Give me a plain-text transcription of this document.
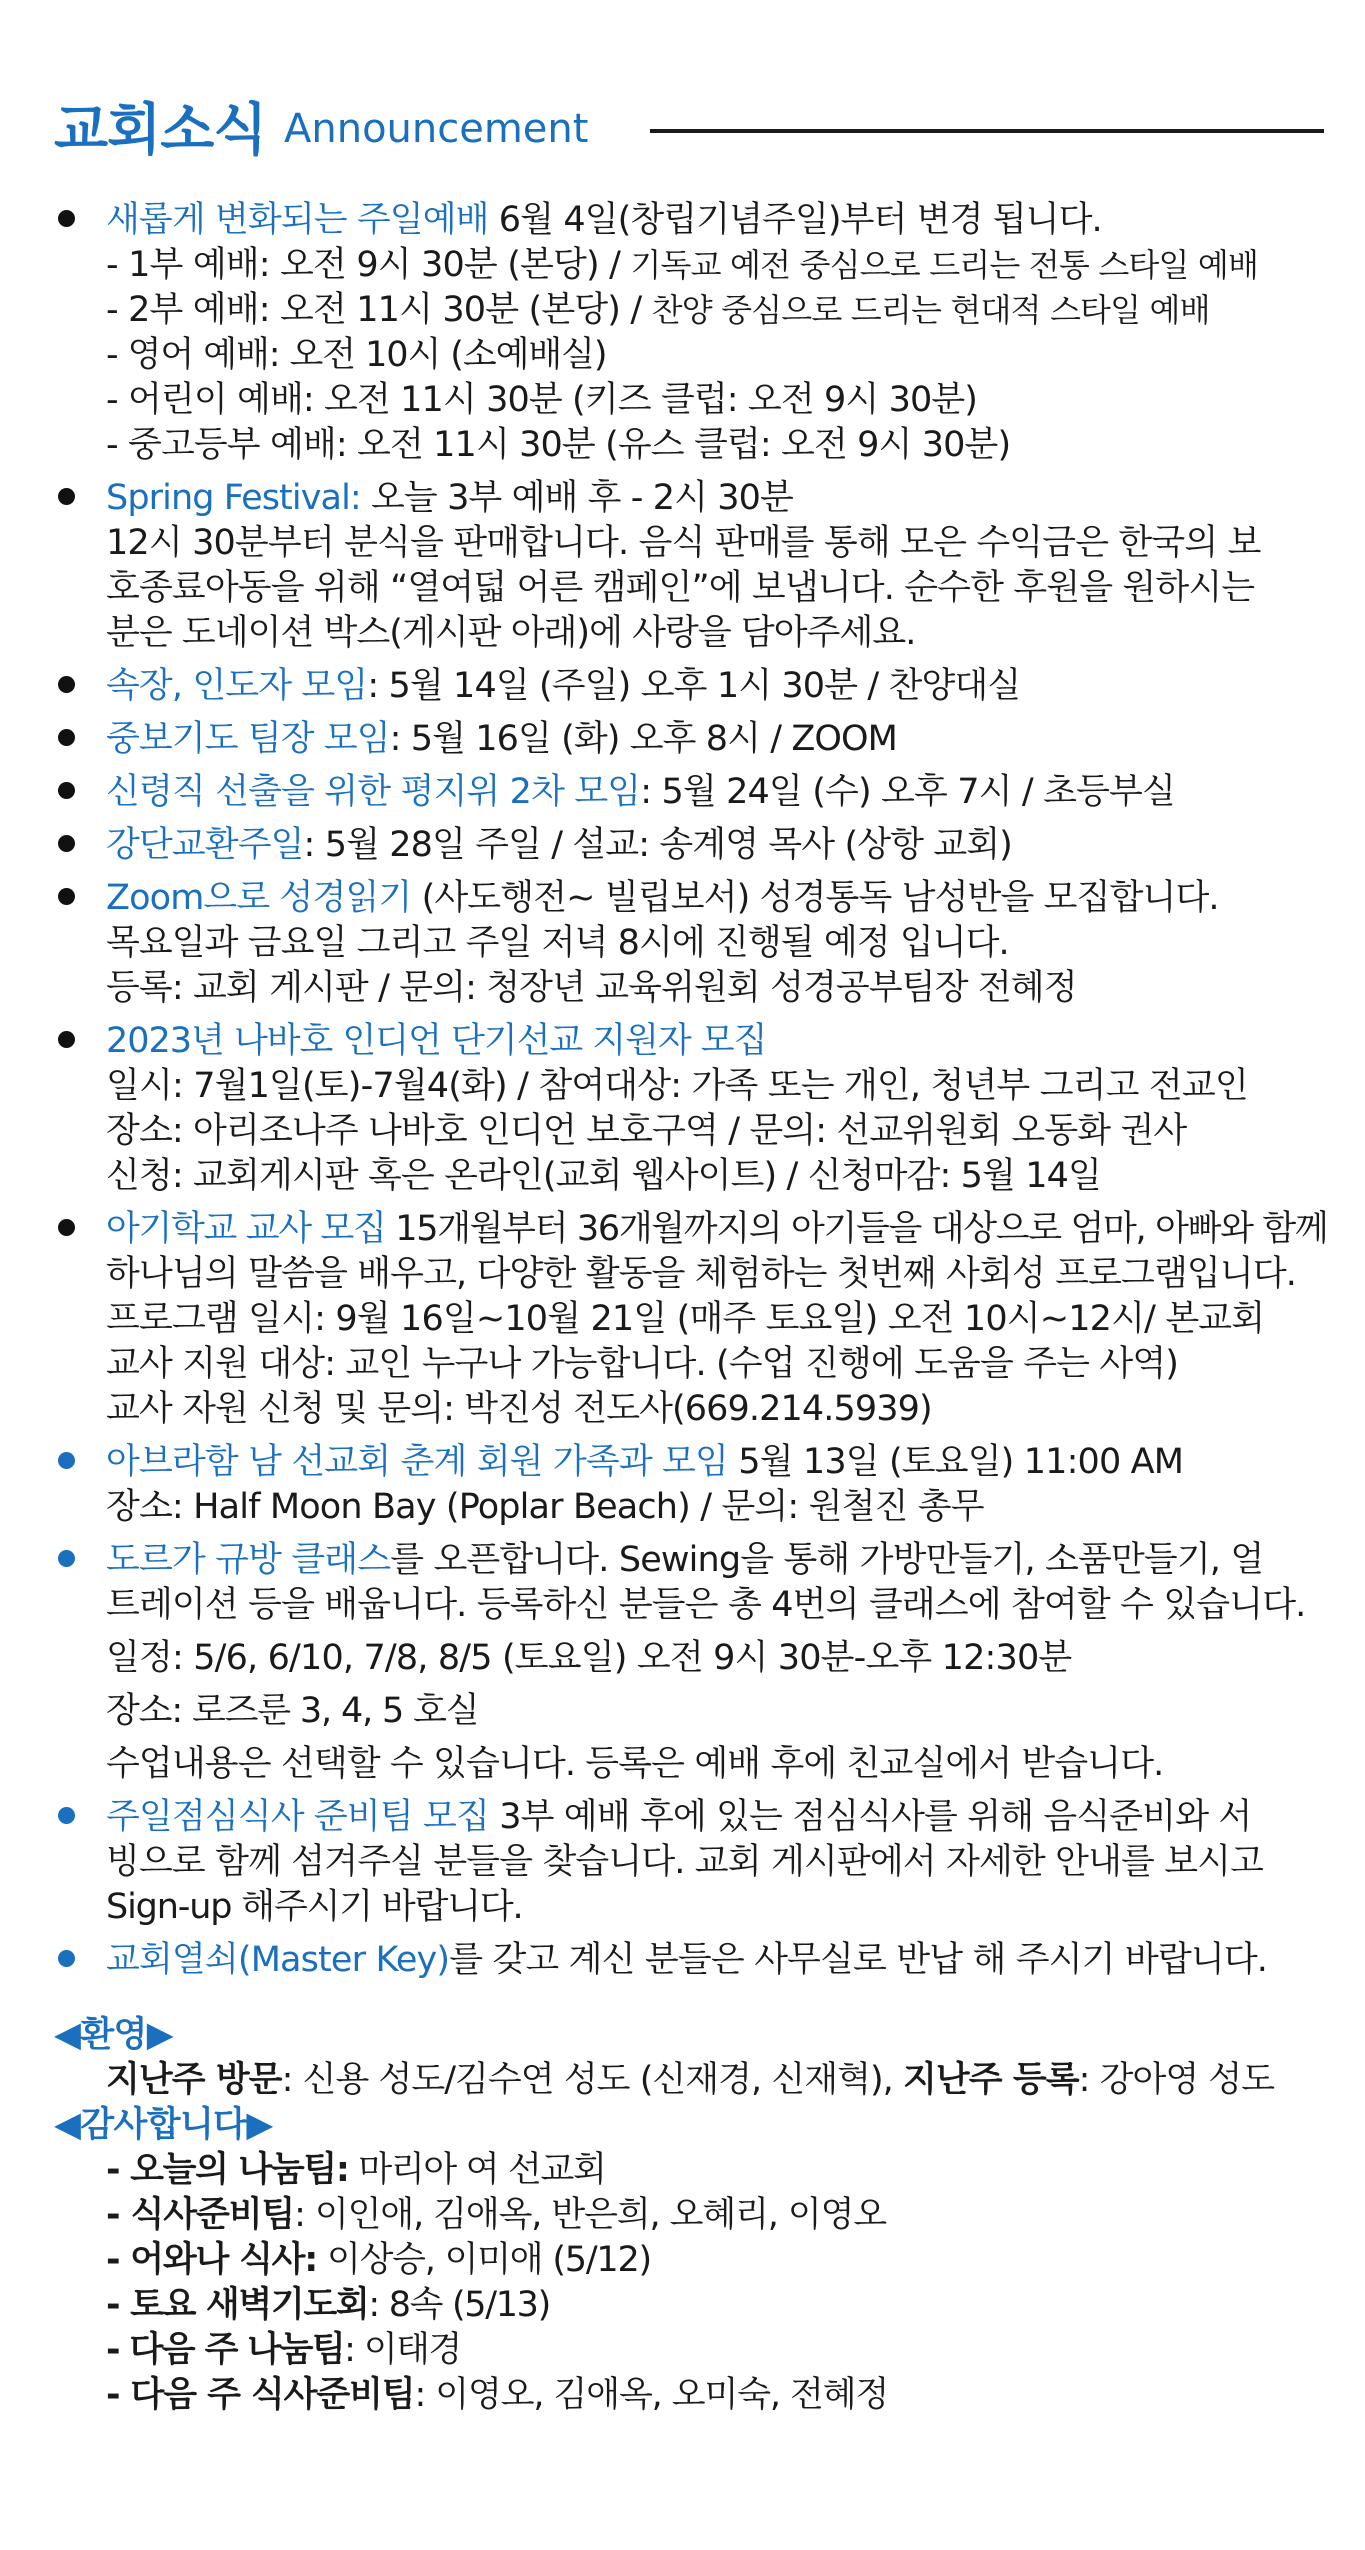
교회소식 Announcement
새롭게 변화되는 주일예배 6월 4일(창립기념주일)부터 변경 됩니다.
- 1부 예배: 오전 9시 30분 (본당) / 기독교 예전 중심으로 드리는 전통 스타일 예배
- 2부 예배: 오전 11시 30분 (본당) / 찬양 중심으로 드리는 현대적 스타일 예배
- 영어 예배: 오전 10시 (소예배실)
- 어린이 예배: 오전 11시 30분 (키즈 클럽: 오전 9시 30분)
- 중고등부 예배: 오전 11시 30분 (유스 클럽: 오전 9시 30분)
Spring Festival: 오늘 3부 예배 후 - 2시 30분
12시 30분부터 분식을 판매합니다. 음식 판매를 통해 모은 수익금은 한국의 보
호종료아동을 위해 “열여덟 어른 캠페인”에 보냅니다. 순수한 후원을 원하시는
분은 도네이션 박스(게시판 아래)에 사랑을 담아주세요.
속장, 인도자 모임: 5월 14일 (주일) 오후 1시 30분 / 찬양대실
중보기도 팀장 모임: 5월 16일 (화) 오후 8시 / ZOOM
신령직 선출을 위한 평지위 2차 모임: 5월 24일 (수) 오후 7시 / 초등부실
강단교환주일: 5월 28일 주일 / 설교: 송계영 목사 (상항 교회)
Zoom으로 성경읽기 (사도행전~ 빌립보서) 성경통독 남성반을 모집합니다.
목요일과 금요일 그리고 주일 저녁 8시에 진행될 예정 입니다.
등록: 교회 게시판 / 문의: 청장년 교육위원회 성경공부팀장 전혜정
2023년 나바호 인디언 단기선교 지원자 모집
일시: 7월1일(토)-7월4(화) / 참여대상: 가족 또는 개인, 청년부 그리고 전교인
장소: 아리조나주 나바호 인디언 보호구역 / 문의: 선교위원회 오동화 권사
신청: 교회게시판 혹은 온라인(교회 웹사이트) / 신청마감: 5월 14일
아기학교 교사 모집 15개월부터 36개월까지의 아기들을 대상으로 엄마, 아빠와 함께
하나님의 말씀을 배우고, 다양한 활동을 체험하는 첫번째 사회성 프로그램입니다.
프로그램 일시: 9월 16일~10월 21일 (매주 토요일) 오전 10시~12시/ 본교회
교사 지원 대상: 교인 누구나 가능합니다. (수업 진행에 도움을 주는 사역)
교사 자원 신청 및 문의: 박진성 전도사(669.214.5939)
아브라함 남 선교회 춘계 회원 가족과 모임 5월 13일 (토요일) 11:00 AM
장소: Half Moon Bay (Poplar Beach) / 문의: 원철진 총무
도르가 규방 클래스를 오픈합니다. Sewing을 통해 가방만들기, 소품만들기, 얼
트레이션 등을 배웁니다. 등록하신 분들은 총 4번의 클래스에 참여할 수 있습니다.
일정: 5/6, 6/10, 7/8, 8/5 (토요일) 오전 9시 30분-오후 12:30분
장소: 로즈룬 3, 4, 5 호실
수업내용은 선택할 수 있습니다. 등록은 예배 후에 친교실에서 받습니다.
주일점심식사 준비팀 모집 3부 예배 후에 있는 점심식사를 위해 음식준비와 서
빙으로 함께 섬겨주실 분들을 찾습니다. 교회 게시판에서 자세한 안내를 보시고
Sign-up 해주시기 바랍니다.
교회열쇠(Master Key)를 갖고 계신 분들은 사무실로 반납 해 주시기 바랍니다.
◀환영▶
지난주 방문: 신용 성도/김수연 성도 (신재경, 신재혁), 지난주 등록: 강아영 성도
◀감사합니다▶
- 오늘의 나눔팀: 마리아 여 선교회
- 식사준비팀: 이인애, 김애옥, 반은희, 오혜리, 이영오
- 어와나 식사: 이상승, 이미애 (5/12)
- 토요 새벽기도회: 8속 (5/13)
- 다음 주 나눔팀: 이태경
- 다음 주 식사준비팀: 이영오, 김애옥, 오미숙, 전혜정
